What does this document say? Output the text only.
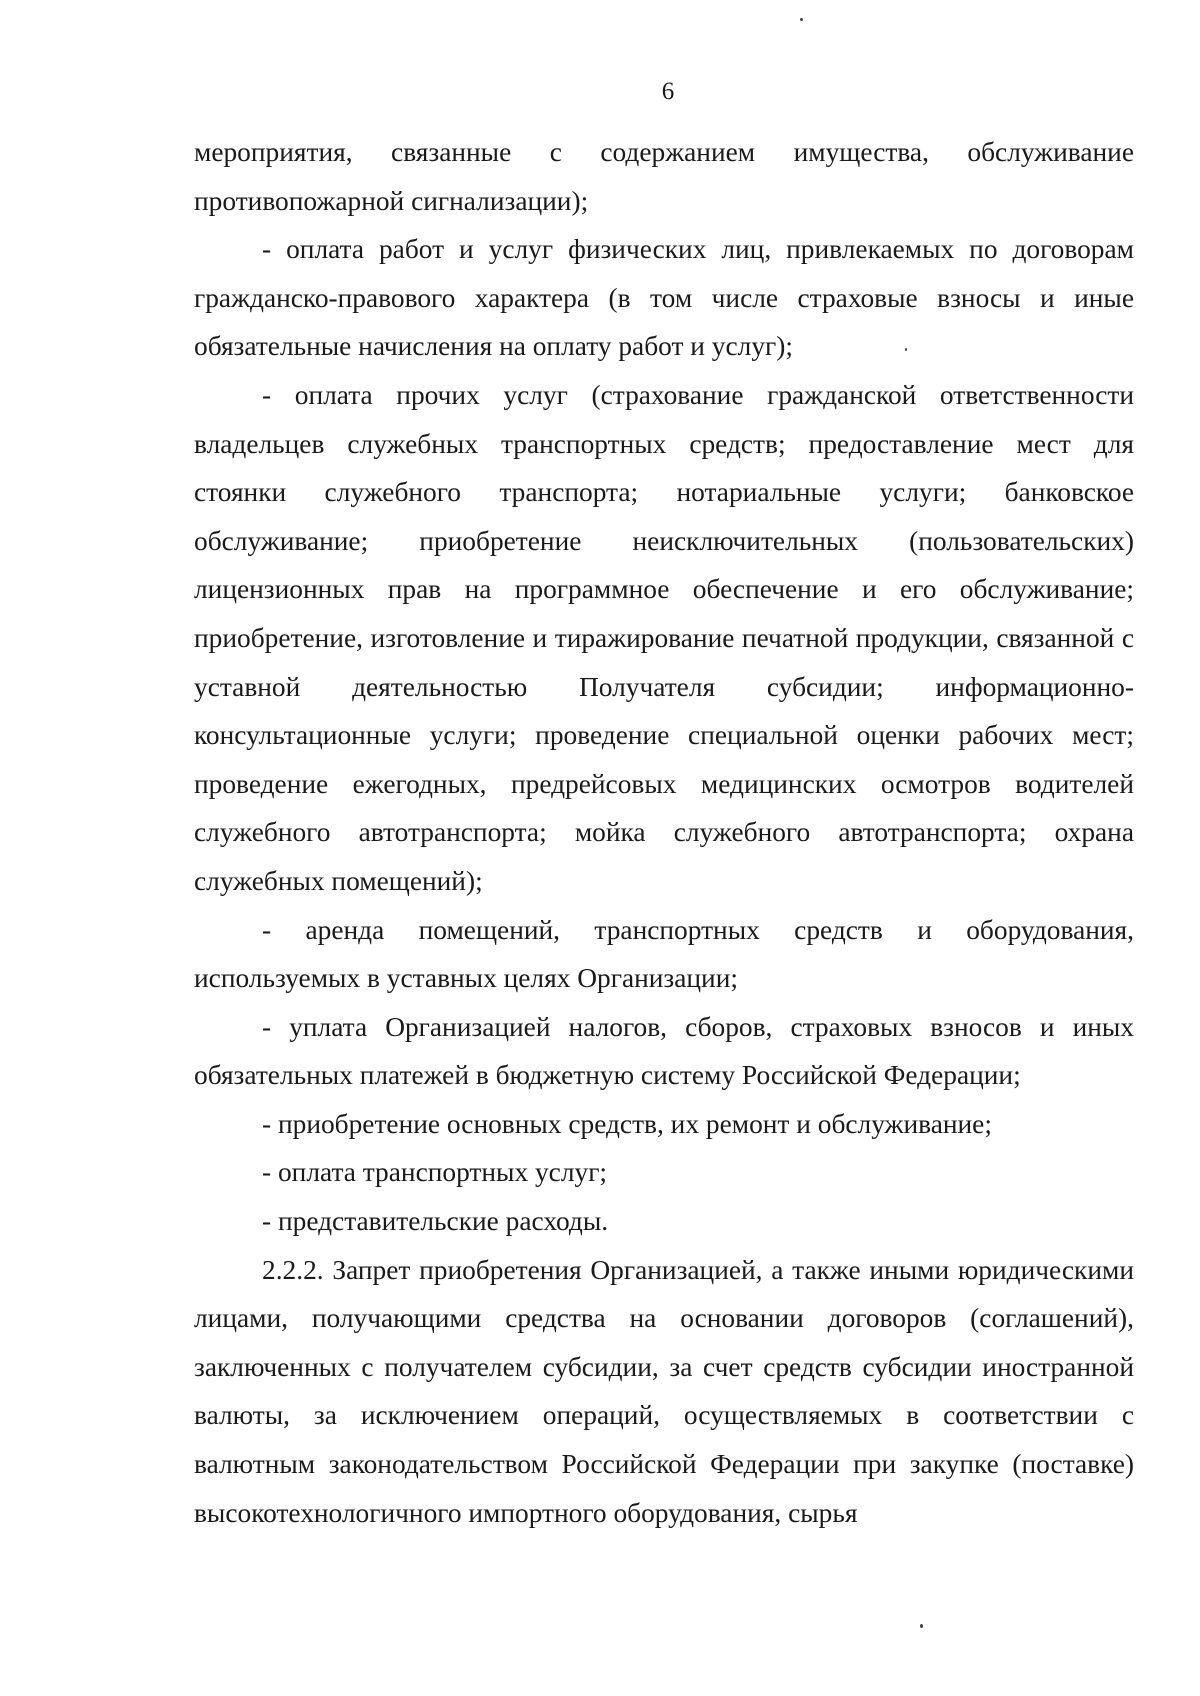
6

мероприятия, связанные с содержанием имущества, обслуживание противопожарной сигнализации);

- оплата работ и услуг физических лиц, привлекаемых по договорам гражданско-правового характера (в том числе страховые взносы и иные обязательные начисления на оплату работ и услуг);

- оплата прочих услуг (страхование гражданской ответственности владельцев служебных транспортных средств; предоставление мест для стоянки служебного транспорта; нотариальные услуги; банковское обслуживание; приобретение неисключительных (пользовательских) лицензионных прав на программное обеспечение и его обслуживание; приобретение, изготовление и тиражирование печатной продукции, связанной с уставной деятельностью Получателя субсидии; информационно-консультационные услуги; проведение специальной оценки рабочих мест; проведение ежегодных, предрейсовых медицинских осмотров водителей служебного автотранспорта; мойка служебного автотранспорта; охрана служебных помещений);

- аренда помещений, транспортных средств и оборудования, используемых в уставных целях Организации;

- уплата Организацией налогов, сборов, страховых взносов и иных обязательных платежей в бюджетную систему Российской Федерации;

- приобретение основных средств, их ремонт и обслуживание;

- оплата транспортных услуг;

- представительские расходы.

2.2.2. Запрет приобретения Организацией, а также иными юридическими лицами, получающими средства на основании договоров (соглашений), заключенных с получателем субсидии, за счет средств субсидии иностранной валюты, за исключением операций, осуществляемых в соответствии с валютным законодательством Российской Федерации при закупке (поставке) высокотехнологичного импортного оборудования, сырья
